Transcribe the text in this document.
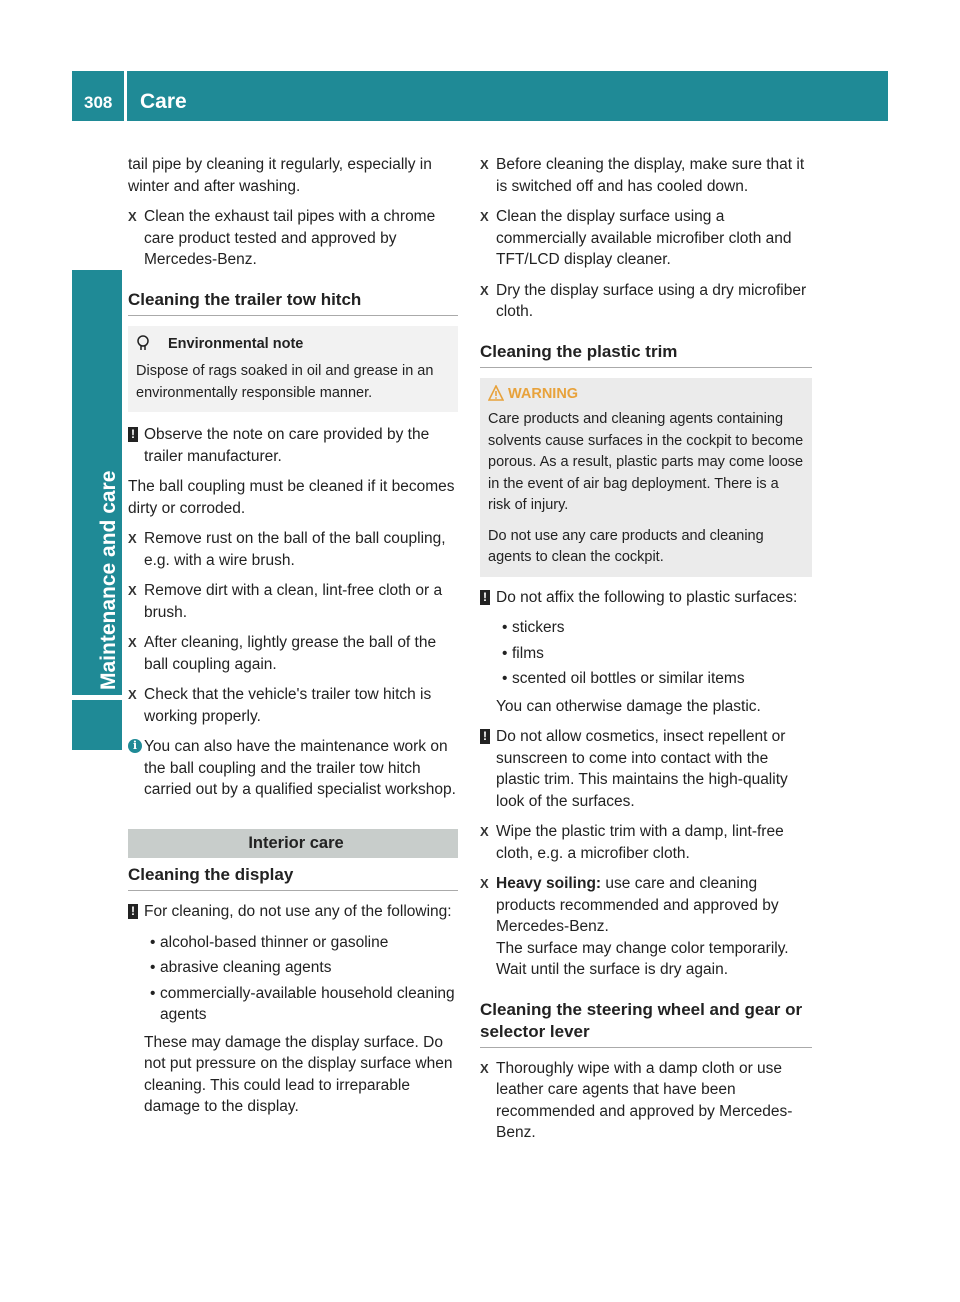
308 Care
Maintenance and care

tail pipe by cleaning it regularly, especially in winter and after washing.

X Clean the exhaust tail pipes with a chrome care product tested and approved by Mercedes-Benz.
Cleaning the trailer tow hitch
Environmental note
Dispose of rags soaked in oil and grease in an environmentally responsible manner.
! Observe the note on care provided by the trailer manufacturer.

The ball coupling must be cleaned if it becomes dirty or corroded.

X Remove rust on the ball of the ball coupling, e.g. with a wire brush.
X Remove dirt with a clean, lint-free cloth or a brush.
X After cleaning, lightly grease the ball of the ball coupling again.
X Check that the vehicle's trailer tow hitch is working properly.
i You can also have the maintenance work on the ball coupling and the trailer tow hitch carried out by a qualified specialist workshop.
Interior care
Cleaning the display
! For cleaning, do not use any of the following:
• alcohol-based thinner or gasoline
• abrasive cleaning agents
• commercially-available household cleaning agents

These may damage the display surface. Do not put pressure on the display surface when cleaning. This could lead to irreparable damage to the display.

X Before cleaning the display, make sure that it is switched off and has cooled down.
X Clean the display surface using a commercially available microfiber cloth and TFT/LCD display cleaner.
X Dry the display surface using a dry microfiber cloth.
Cleaning the plastic trim
WARNING

Care products and cleaning agents containing solvents cause surfaces in the cockpit to become porous. As a result, plastic parts may come loose in the event of air bag deployment. There is a risk of injury.

Do not use any care products and cleaning agents to clean the cockpit.

! Do not affix the following to plastic surfaces:
• stickers
• films
• scented oil bottles or similar items

You can otherwise damage the plastic.

! Do not allow cosmetics, insect repellent or sunscreen to come into contact with the plastic trim. This maintains the high-quality look of the surfaces.
X Wipe the plastic trim with a damp, lint-free cloth, e.g. a microfiber cloth.
X Heavy soiling: use care and cleaning products recommended and approved by Mercedes-Benz.
The surface may change color temporarily. Wait until the surface is dry again.
Cleaning the steering wheel and gear or selector lever
X Thoroughly wipe with a damp cloth or use leather care agents that have been recommended and approved by Mercedes-Benz.
